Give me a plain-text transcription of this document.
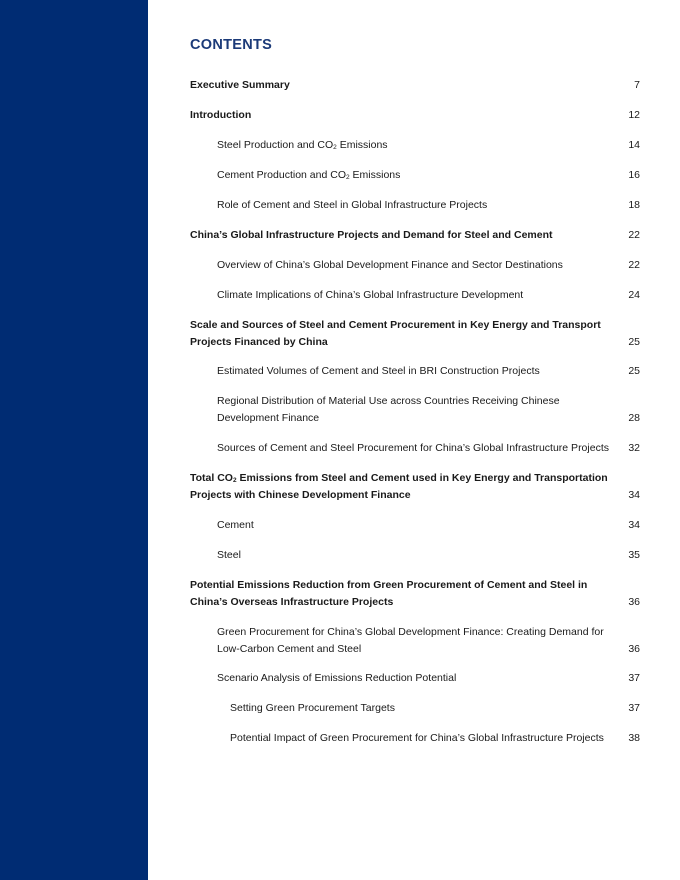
CONTENTS
Executive Summary	7
Introduction	12
Steel Production and $CO_2$ Emissions	14
Cement Production and $CO_2$ Emissions	16
Role of Cement and Steel in Global Infrastructure Projects	18
China’s Global Infrastructure Projects and Demand for Steel and Cement	22
Overview of China’s Global Development Finance and Sector Destinations	22
Climate Implications of China’s Global Infrastructure Development	24
Scale and Sources of Steel and Cement Procurement in Key Energy and Transport Projects Financed by China	25
Estimated Volumes of Cement and Steel in BRI Construction Projects	25
Regional Distribution of Material Use across Countries Receiving Chinese Development Finance	28
Sources of Cement and Steel Procurement for China’s Global Infrastructure Projects	32
Total $CO_2$ Emissions from Steel and Cement used in Key Energy and Transportation Projects with Chinese Development Finance	34
Cement	34
Steel	35
Potential Emissions Reduction from Green Procurement of Cement and Steel in China’s Overseas Infrastructure Projects	36
Green Procurement for China’s Global Development Finance: Creating Demand for Low-Carbon Cement and Steel	36
Scenario Analysis of Emissions Reduction Potential	37
Setting Green Procurement Targets	37
Potential Impact of Green Procurement for China’s Global Infrastructure Projects	38
